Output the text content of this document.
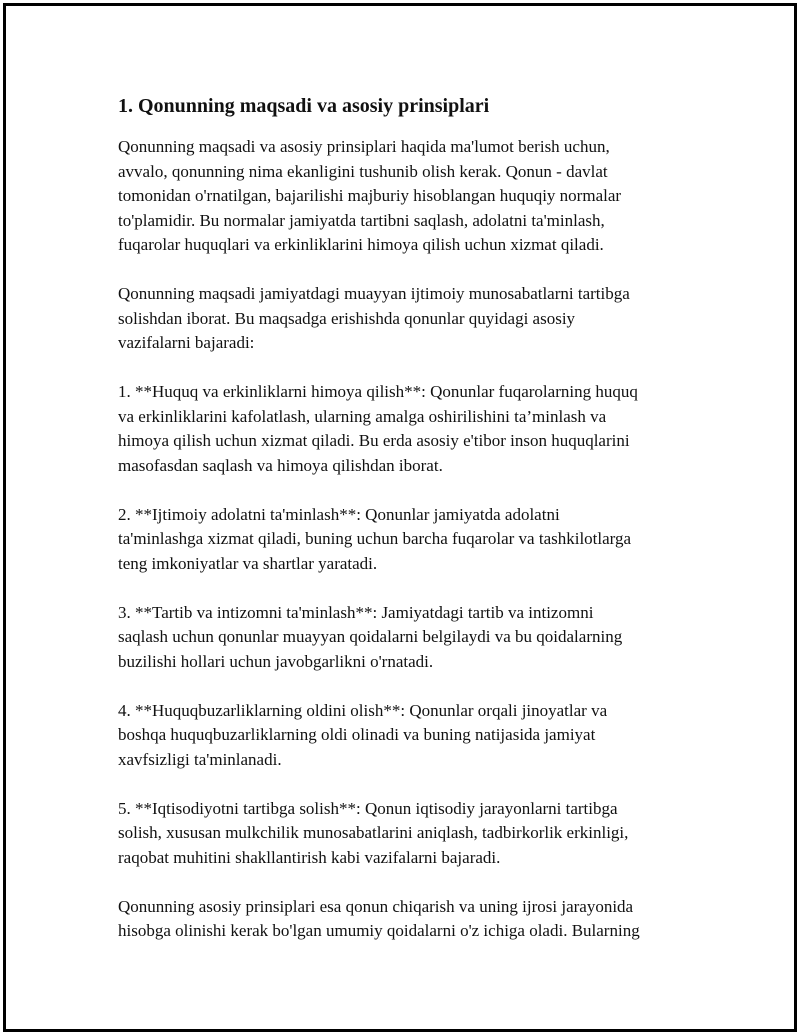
1. Qonunning maqsadi va asosiy prinsiplari

Qonunning maqsadi va asosiy prinsiplari haqida ma'lumot berish uchun,
avvalo, qonunning nima ekanligini tushunib olish kerak. Qonun - davlat
tomonidan o'rnatilgan, bajarilishi majburiy hisoblangan huquqiy normalar
to'plamidir. Bu normalar jamiyatda tartibni saqlash, adolatni ta'minlash,
fuqarolar huquqlari va erkinliklarini himoya qilish uchun xizmat qiladi.

Qonunning maqsadi jamiyatdagi muayyan ijtimoiy munosabatlarni tartibga
solishdan iborat. Bu maqsadga erishishda qonunlar quyidagi asosiy
vazifalarni bajaradi:

1. **Huquq va erkinliklarni himoya qilish**: Qonunlar fuqarolarning huquq
va erkinliklarini kafolatlash, ularning amalga oshirilishini ta’minlash va
himoya qilish uchun xizmat qiladi. Bu erda asosiy e'tibor inson huquqlarini
masofasdan saqlash va himoya qilishdan iborat.

2. **Ijtimoiy adolatni ta'minlash**: Qonunlar jamiyatda adolatni
ta'minlashga xizmat qiladi, buning uchun barcha fuqarolar va tashkilotlarga
teng imkoniyatlar va shartlar yaratadi.

3. **Tartib va intizomni ta'minlash**: Jamiyatdagi tartib va intizomni
saqlash uchun qonunlar muayyan qoidalarni belgilaydi va bu qoidalarning
buzilishi hollari uchun javobgarlikni o'rnatadi.

4. **Huquqbuzarliklarning oldini olish**: Qonunlar orqali jinoyatlar va
boshqa huquqbuzarliklarning oldi olinadi va buning natijasida jamiyat
xavfsizligi ta'minlanadi.

5. **Iqtisodiyotni tartibga solish**: Qonun iqtisodiy jarayonlarni tartibga
solish, xususan mulkchilik munosabatlarini aniqlash, tadbirkorlik erkinligi,
raqobat muhitini shakllantirish kabi vazifalarni bajaradi.

Qonunning asosiy prinsiplari esa qonun chiqarish va uning ijrosi jarayonida
hisobga olinishi kerak bo'lgan umumiy qoidalarni o'z ichiga oladi. Bularning
